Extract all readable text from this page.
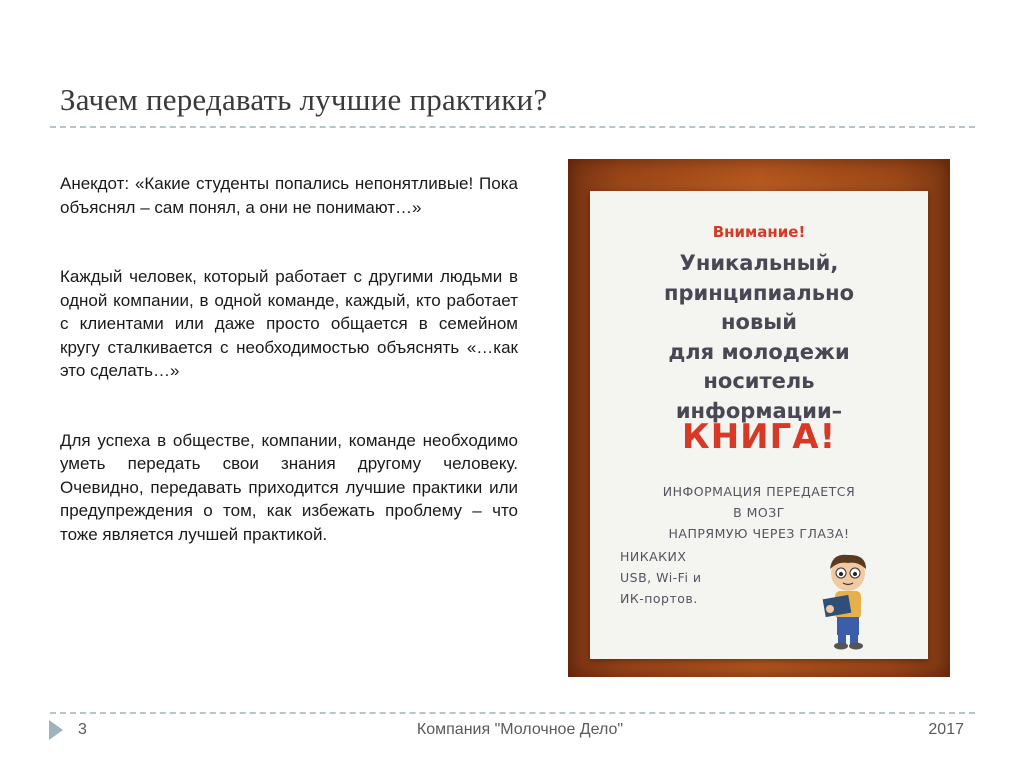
Зачем передавать лучшие практики?

Анекдот: «Какие студенты попались непонятливые! Пока объяснял – сам понял, а они не понимают…»

Каждый человек, который работает с другими людьми в одной компании, в одной команде, каждый, кто работает с клиентами или даже просто общается в семейном кругу сталкивается с необходимостью объяснять «…как это сделать…»

Для успеха в обществе, компании, команде необходимо уметь передать свои знания другому человеку. Очевидно, передавать приходится лучшие практики или предупреждения о том, как избежать проблему – что тоже является лучшей практикой.

Внимание!
Уникальный,
принципиально
новый
для молодежи
носитель
информации–
КНИГА!
ИНФОРМАЦИЯ ПЕРЕДАЕТСЯ
В МОЗГ
НАПРЯМУЮ ЧЕРЕЗ ГЛАЗА!
НИКАКИХ
USB, Wi-Fi и
ИК-портов.
3	Компания "Молочное Дело"	2017
